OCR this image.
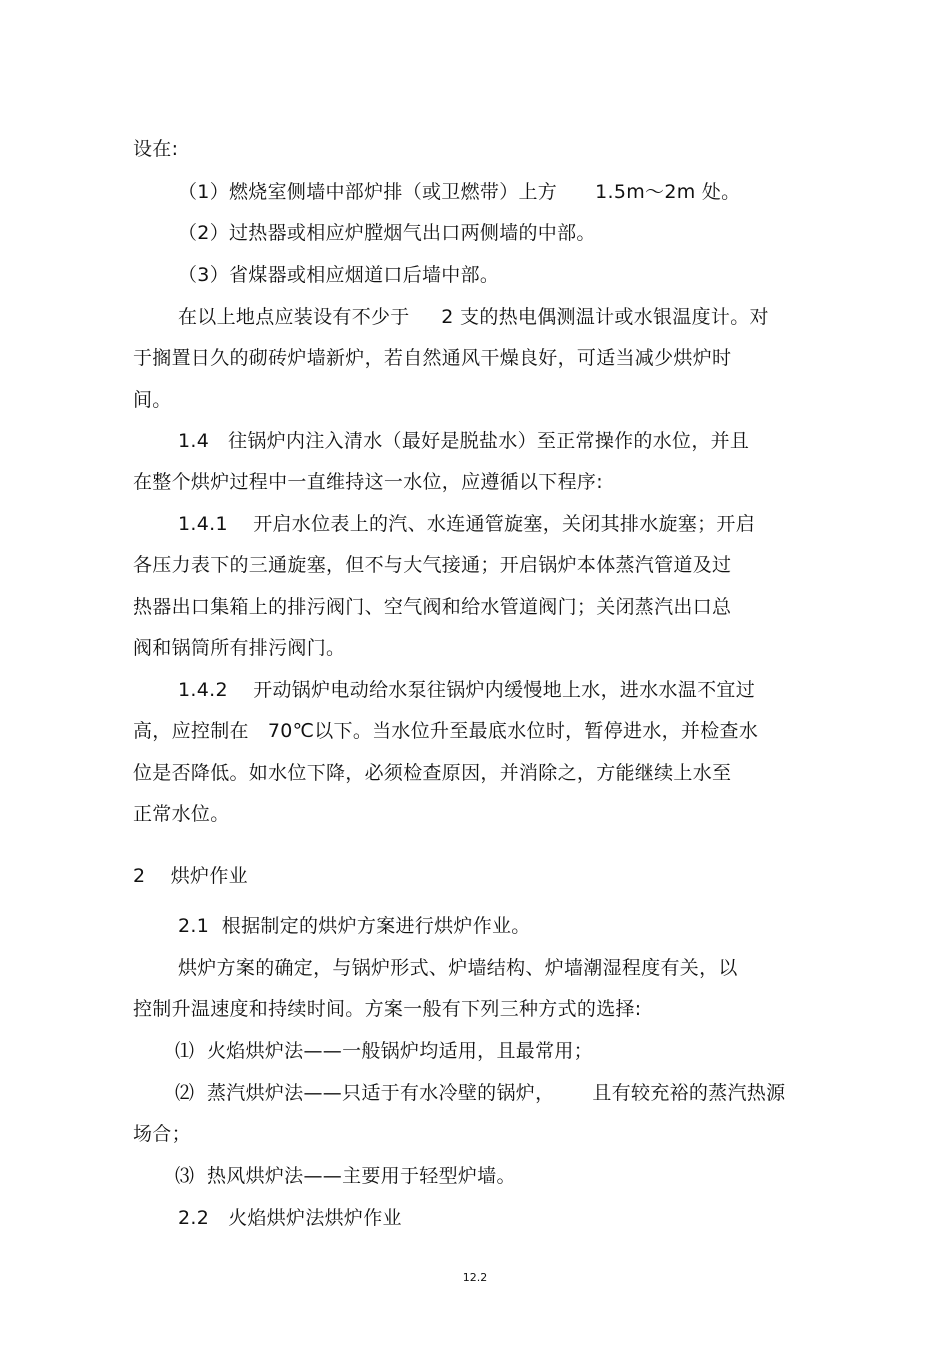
设在:
（1）燃烧室侧墙中部炉排（或卫燃带）上方      1.5m～2m 处。
（2）过热器或相应炉膛烟气出口两侧墙的中部。
（3）省煤器或相应烟道口后墙中部。
在以上地点应装设有不少于     2 支的热电偶测温计或水银温度计。对
于搁置日久的砌砖炉墙新炉，若自然通风干燥良好，可适当减少烘炉时
间。
1.4   往锅炉内注入清水（最好是脱盐水）至正常操作的水位，并且
在整个烘炉过程中一直维持这一水位，应遵循以下程序:
1.4.1    开启水位表上的汽、水连通管旋塞，关闭其排水旋塞；开启
各压力表下的三通旋塞，但不与大气接通；开启锅炉本体蒸汽管道及过
热器出口集箱上的排污阀门、空气阀和给水管道阀门；关闭蒸汽出口总
阀和锅筒所有排污阀门。
1.4.2    开动锅炉电动给水泵往锅炉内缓慢地上水，进水水温不宜过
高，应控制在   70℃以下。当水位升至最底水位时，暂停进水，并检查水
位是否降低。如水位下降，必须检查原因，并消除之，方能继续上水至
正常水位。
2    烘炉作业
2.1  根据制定的烘炉方案进行烘炉作业。
烘炉方案的确定，与锅炉形式、炉墙结构、炉墙潮湿程度有关，以
控制升温速度和持续时间。方案一般有下列三种方式的选择:
⑴  火焰烘炉法——一般锅炉均适用，且最常用；
⑵  蒸汽烘炉法——只适于有水冷壁的锅炉，      且有较充裕的蒸汽热源
场合；
⑶  热风烘炉法——主要用于轻型炉墙。
2.2   火焰烘炉法烘炉作业
12.2
